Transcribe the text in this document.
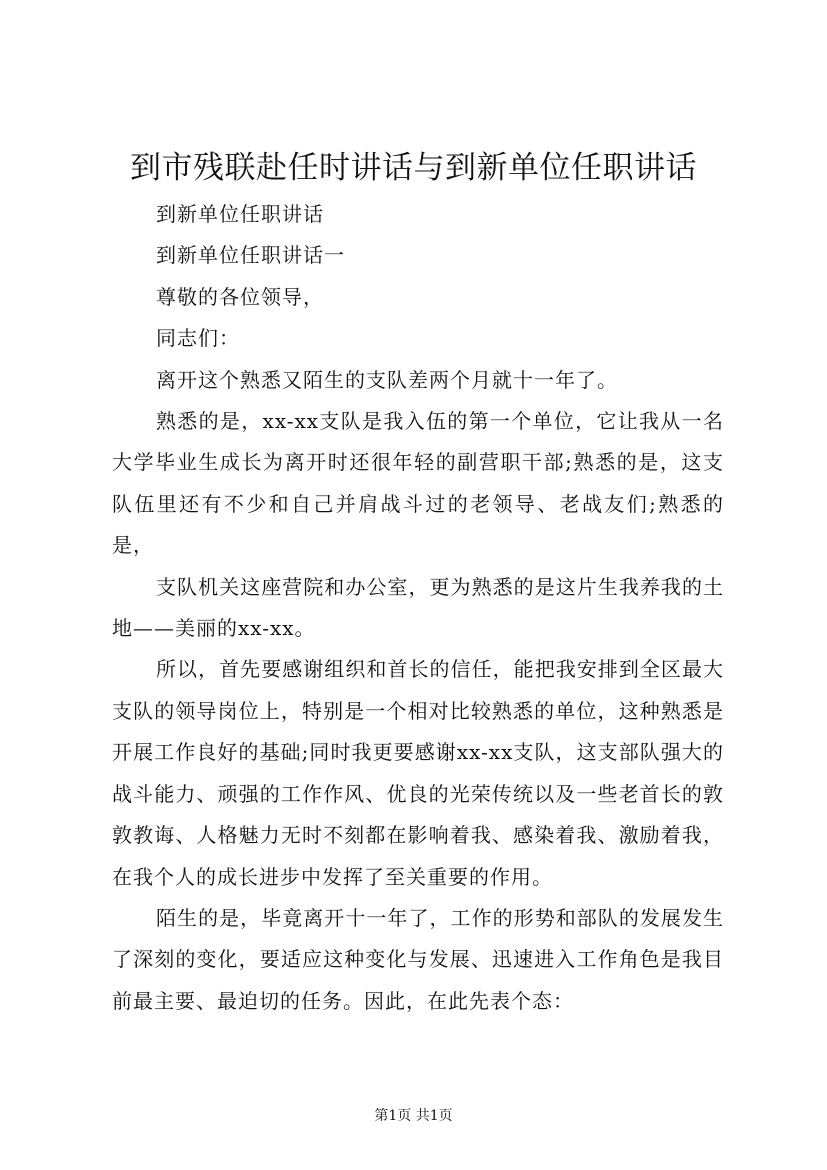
到市残联赴任时讲话与到新单位任职讲话

到新单位任职讲话

到新单位任职讲话一

尊敬的各位领导，

同志们：

离开这个熟悉又陌生的支队差两个月就十一年了。

熟悉的是，xx-xx支队是我入伍的第一个单位，它让我从一名大学毕业生成长为离开时还很年轻的副营职干部;熟悉的是，这支队伍里还有不少和自己并肩战斗过的老领导、老战友们;熟悉的是，

支队机关这座营院和办公室，更为熟悉的是这片生我养我的土地——美丽的xx-xx。

所以，首先要感谢组织和首长的信任，能把我安排到全区最大支队的领导岗位上，特别是一个相对比较熟悉的单位，这种熟悉是开展工作良好的基础;同时我更要感谢xx-xx支队，这支部队强大的战斗能力、顽强的工作作风、优良的光荣传统以及一些老首长的敦敦教诲、人格魅力无时不刻都在影响着我、感染着我、激励着我，在我个人的成长进步中发挥了至关重要的作用。

陌生的是，毕竟离开十一年了，工作的形势和部队的发展发生了深刻的变化，要适应这种变化与发展、迅速进入工作角色是我目前最主要、最迫切的任务。因此，在此先表个态：

第1页 共1页
